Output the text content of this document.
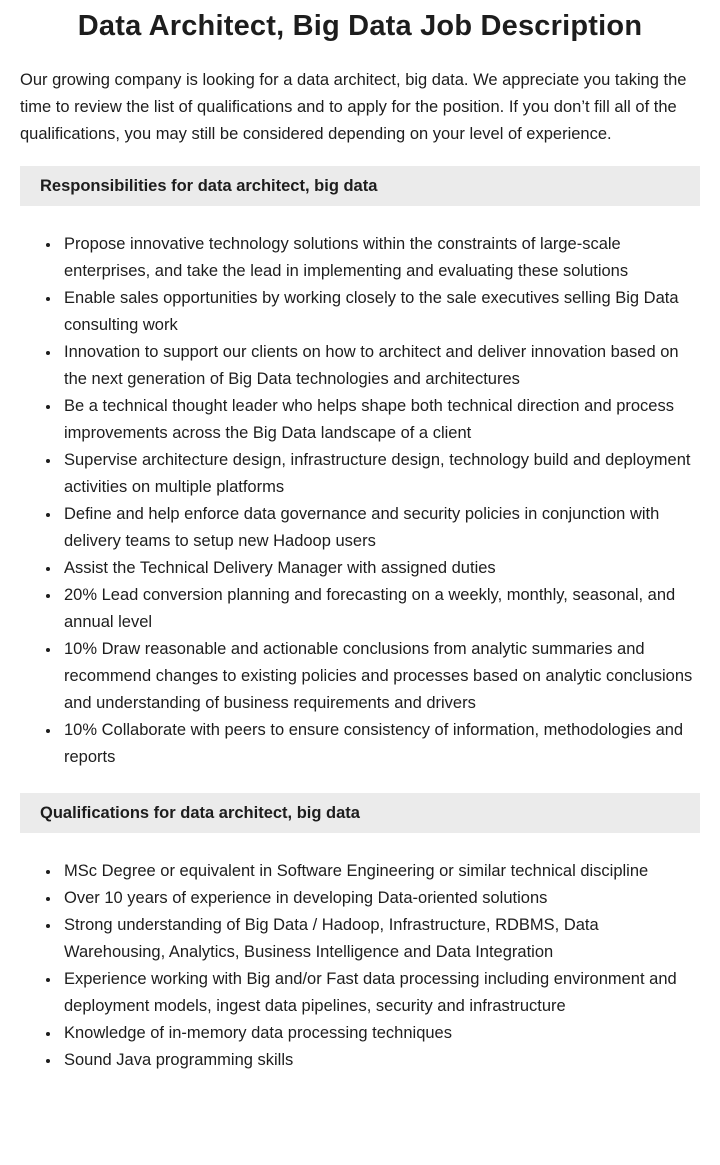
Data Architect, Big Data Job Description

Our growing company is looking for a data architect, big data. We appreciate you taking the time to review the list of qualifications and to apply for the position. If you don’t fill all of the qualifications, you may still be considered depending on your level of experience.

Responsibilities for data architect, big data
• Propose innovative technology solutions within the constraints of large-scale enterprises, and take the lead in implementing and evaluating these solutions
• Enable sales opportunities by working closely to the sale executives selling Big Data consulting work
• Innovation to support our clients on how to architect and deliver innovation based on the next generation of Big Data technologies and architectures
• Be a technical thought leader who helps shape both technical direction and process improvements across the Big Data landscape of a client
• Supervise architecture design, infrastructure design, technology build and deployment activities on multiple platforms
• Define and help enforce data governance and security policies in conjunction with delivery teams to setup new Hadoop users
• Assist the Technical Delivery Manager with assigned duties
• 20% Lead conversion planning and forecasting on a weekly, monthly, seasonal, and annual level
• 10% Draw reasonable and actionable conclusions from analytic summaries and recommend changes to existing policies and processes based on analytic conclusions and understanding of business requirements and drivers
• 10% Collaborate with peers to ensure consistency of information, methodologies and reports
Qualifications for data architect, big data
• MSc Degree or equivalent in Software Engineering or similar technical discipline
• Over 10 years of experience in developing Data-oriented solutions
• Strong understanding of Big Data / Hadoop, Infrastructure, RDBMS, Data Warehousing, Analytics, Business Intelligence and Data Integration
• Experience working with Big and/or Fast data processing including environment and deployment models, ingest data pipelines, security and infrastructure
• Knowledge of in-memory data processing techniques
• Sound Java programming skills
